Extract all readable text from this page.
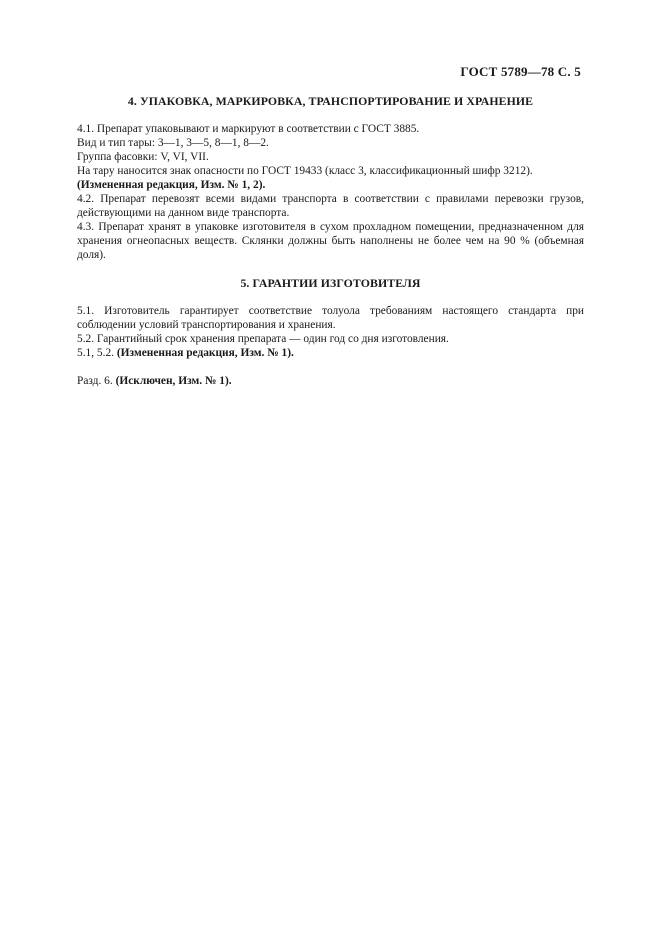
ГОСТ 5789—78 С. 5
4. УПАКОВКА, МАРКИРОВКА, ТРАНСПОРТИРОВАНИЕ И ХРАНЕНИЕ

4.1. Препарат упаковывают и маркируют в соответствии с ГОСТ 3885.

Вид и тип тары: 3—1, 3—5, 8—1, 8—2.

Группа фасовки: V, VI, VII.

На тару наносится знак опасности по ГОСТ 19433 (класс 3, классификационный шифр 3212).

(Измененная редакция, Изм. № 1, 2).

4.2. Препарат перевозят всеми видами транспорта в соответствии с правилами перевозки грузов, действующими на данном виде транспорта.

4.3. Препарат хранят в упаковке изготовителя в сухом прохладном помещении, предназначенном для хранения огнеопасных веществ. Склянки должны быть наполнены не более чем на 90 % (объемная доля).

5. ГАРАНТИИ ИЗГОТОВИТЕЛЯ

5.1. Изготовитель гарантирует соответствие толуола требованиям настоящего стандарта при соблюдении условий транспортирования и хранения.

5.2. Гарантийный срок хранения препарата — один год со дня изготовления.

5.1, 5.2. (Измененная редакция, Изм. № 1).

Разд. 6. (Исключен, Изм. № 1).
